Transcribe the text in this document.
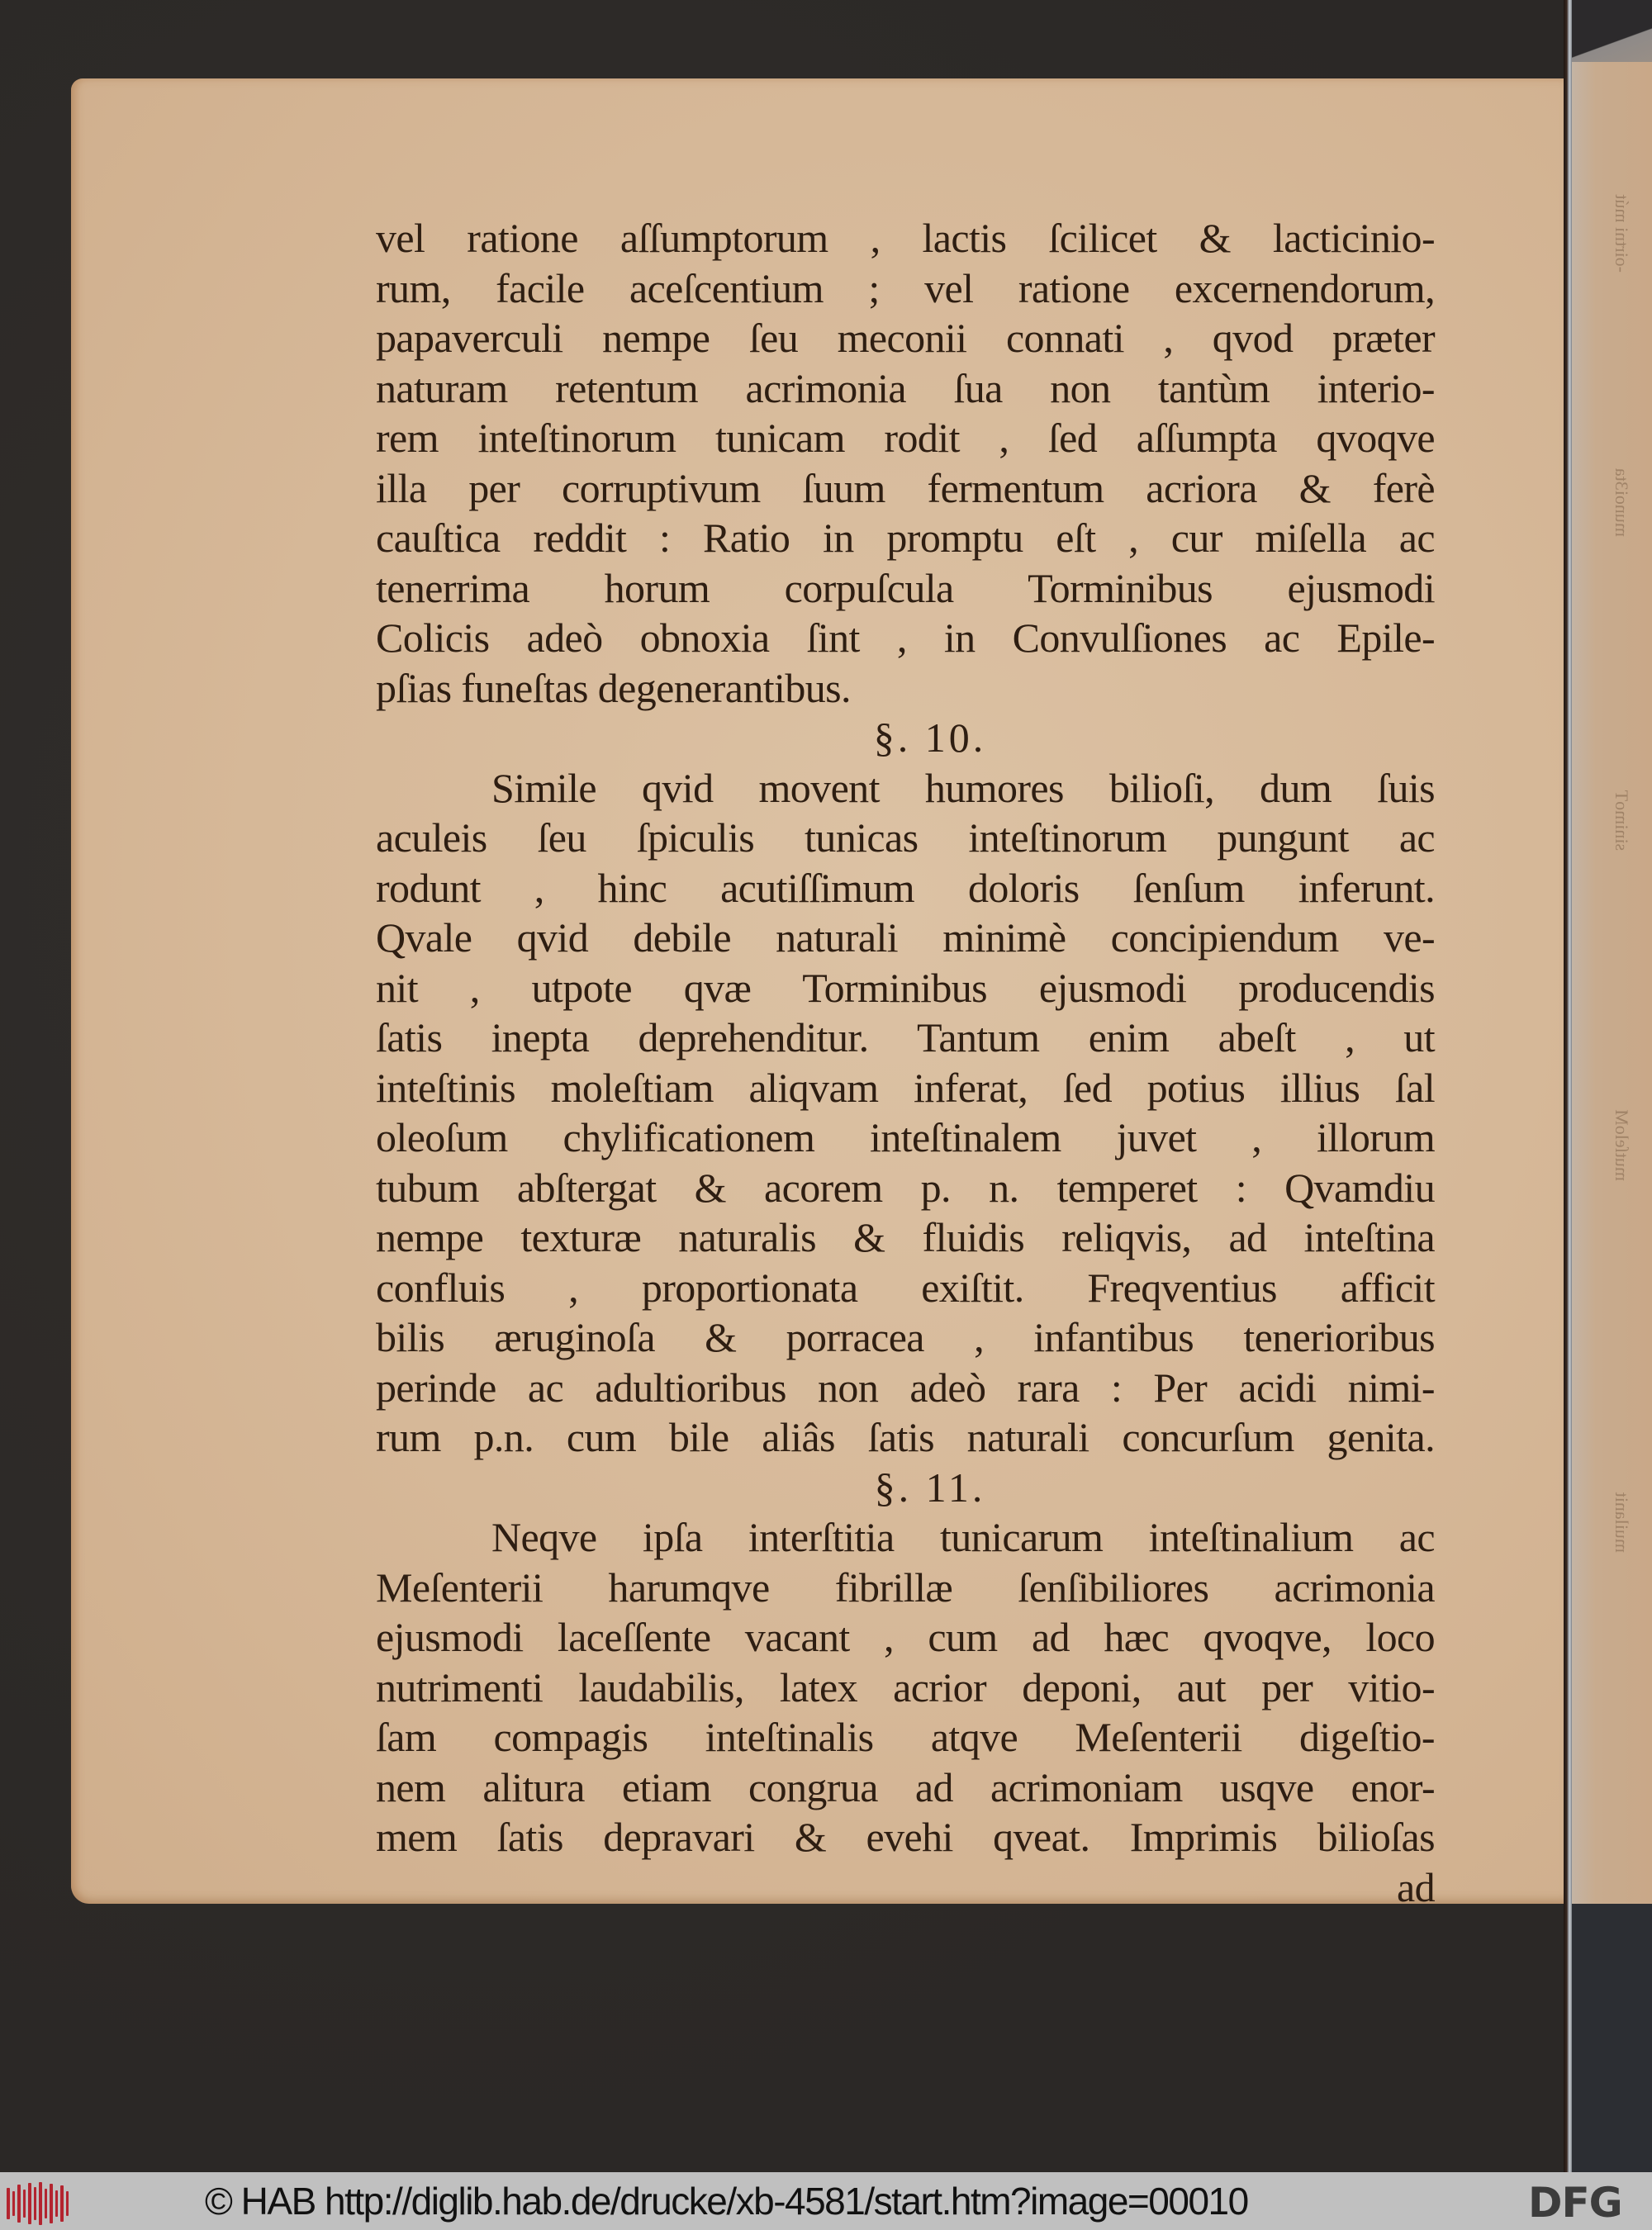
-oirtni mút
munoi3ta
sinimoT
mutſeloM
muilanit
vel ratione aſſumptorum , lactis ſcilicet & lacticinio-
rum, facile aceſcentium ; vel ratione excernendorum,
papaverculi nempe ſeu meconii connati , qvod præter
naturam retentum acrimonia ſua non tantùm interio-
rem inteſtinorum tunicam rodit , ſed aſſumpta qvoqve
illa per corruptivum ſuum fermentum acriora & ferè
cauſtica reddit : Ratio in promptu eſt , cur miſella ac
tenerrima horum corpuſcula Torminibus ejusmodi
Colicis adeò obnoxia ſint , in Convulſiones ac Epile-
pſias funeſtas degenerantibus.
§. 10.
Simile qvid movent humores bilioſi, dum ſuis
aculeis ſeu ſpiculis tunicas inteſtinorum pungunt ac
rodunt , hinc acutiſſimum doloris ſenſum inferunt.
Qvale qvid debile naturali minimè concipiendum ve-
nit , utpote qvæ Torminibus ejusmodi producendis
ſatis inepta deprehenditur. Tantum enim abeſt , ut
inteſtinis moleſtiam aliqvam inferat, ſed potius illius ſal
oleoſum chylificationem inteſtinalem juvet , illorum
tubum abſtergat & acorem p. n. temperet : Qvamdiu
nempe texturæ naturalis & fluidis reliqvis, ad inteſtina
confluis , proportionata exiſtit. Freqventius afficit
bilis æruginoſa & porracea , infantibus tenerioribus
perinde ac adultioribus non adeò rara : Per acidi nimi-
rum p.n. cum bile aliâs ſatis naturali concurſum genita.
§. 11.
Neqve ipſa interſtitia tunicarum inteſtinalium ac
Meſenterii harumqve fibrillæ ſenſibiliores acrimonia
ejusmodi laceſſente vacant , cum ad hæc qvoqve, loco
nutrimenti laudabilis, latex acrior deponi, aut per vitio-
ſam compagis inteſtinalis atqve Meſenterii digeſtio-
nem alitura etiam congrua ad acrimoniam usqve enor-
mem ſatis depravari & evehi qveat. Imprimis bilioſas
ad
© HAB http://diglib.hab.de/drucke/xb-4581/start.htm?image=00010	DFG
